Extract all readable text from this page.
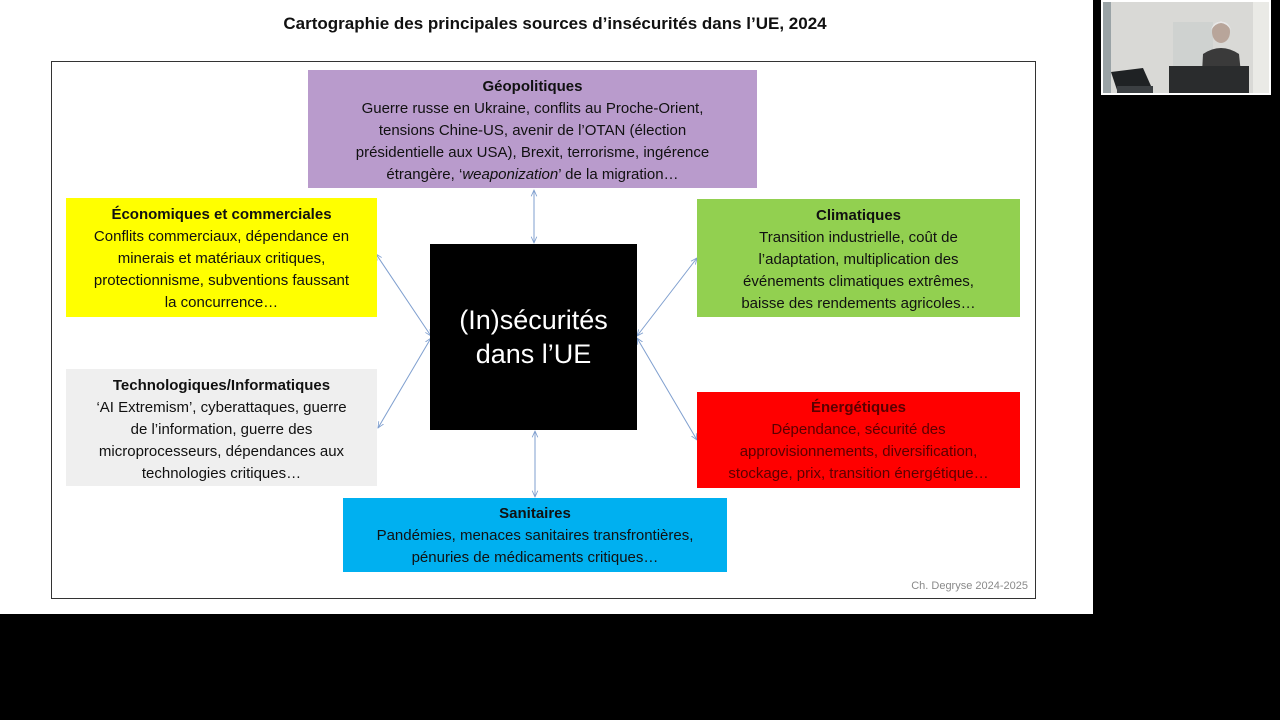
Cartographie des principales sources d’insécurités dans l’UE, 2024
Géopolitiques
Guerre russe en Ukraine, conflits au Proche-Orient,
tensions Chine-US, avenir de l’OTAN (élection
présidentielle aux USA), Brexit, terrorisme, ingérence
étrangère, ‘weaponization’ de la migration…
Économiques et commerciales
Conflits commerciaux, dépendance en
minerais et matériaux critiques,
protectionnisme, subventions faussant
la concurrence…
Climatiques
Transition industrielle, coût de
l’adaptation, multiplication des
événements climatiques extrêmes,
baisse des rendements agricoles…
Technologiques/Informatiques
‘AI Extremism’, cyberattaques, guerre
de l’information, guerre des
microprocesseurs, dépendances aux
technologies critiques…
Énergétiques
Dépendance, sécurité des
approvisionnements, diversification,
stockage, prix, transition énergétique…
Sanitaires
Pandémies, menaces sanitaires transfrontières,
pénuries de médicaments critiques…
(In)sécurités
dans l’UE
Ch. Degryse 2024-2025
